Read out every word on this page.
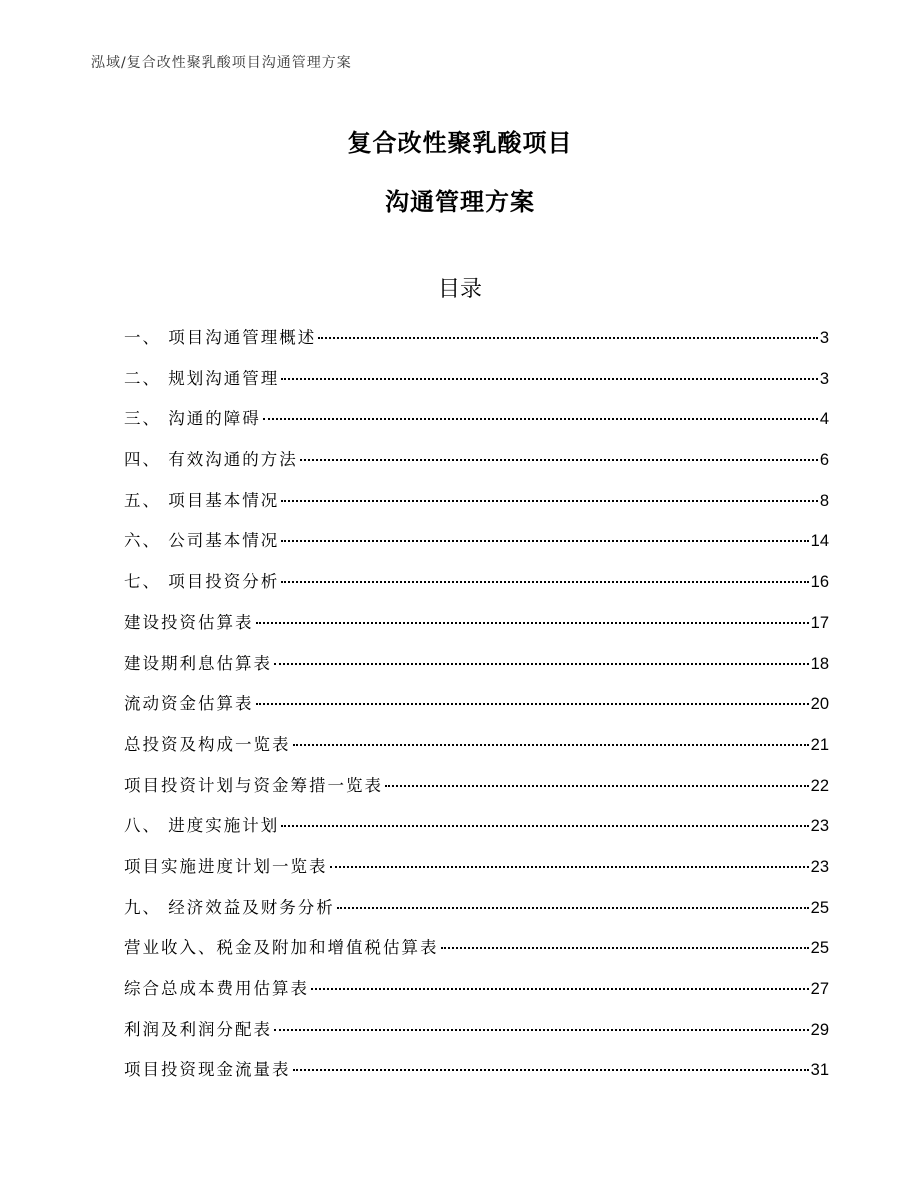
泓域/复合改性聚乳酸项目沟通管理方案
复合改性聚乳酸项目
沟通管理方案
目录
一、 项目沟通管理概述	3
二、 规划沟通管理	3
三、 沟通的障碍	4
四、 有效沟通的方法	6
五、 项目基本情况	8
六、 公司基本情况	14
七、 项目投资分析	16
建设投资估算表	17
建设期利息估算表	18
流动资金估算表	20
总投资及构成一览表	21
项目投资计划与资金筹措一览表	22
八、 进度实施计划	23
项目实施进度计划一览表	23
九、 经济效益及财务分析	25
营业收入、税金及附加和增值税估算表	25
综合总成本费用估算表	27
利润及利润分配表	29
项目投资现金流量表	31
